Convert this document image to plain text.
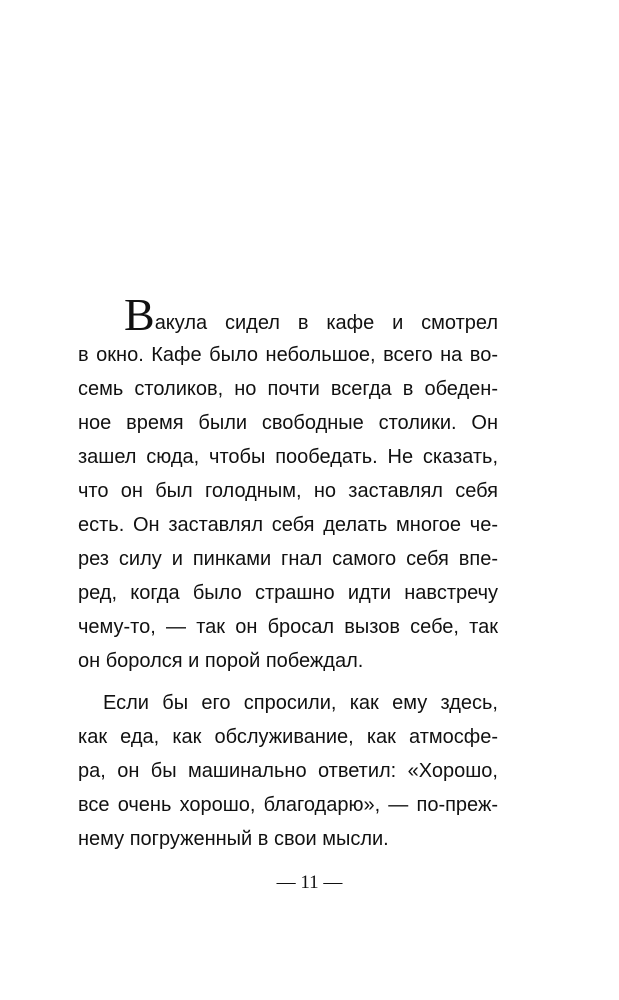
Вакула сидел в кафе и смотрел
в окно. Кафе было небольшое, всего на во-
семь столиков, но почти всегда в обеден-
ное время были свободные столики. Он
зашел сюда, чтобы пообедать. Не сказать,
что он был голодным, но заставлял себя
есть. Он заставлял себя делать многое че-
рез силу и пинками гнал самого себя впе-
ред, когда было страшно идти навстречу
чему-то, — так он бросал вызов себе, так
он боролся и порой побеждал.
Если бы его спросили, как ему здесь,
как еда, как обслуживание, как атмосфе-
ра, он бы машинально ответил: «Хорошо,
все очень хорошо, благодарю», — по-преж-
нему погруженный в свои мысли.
— 11 —
